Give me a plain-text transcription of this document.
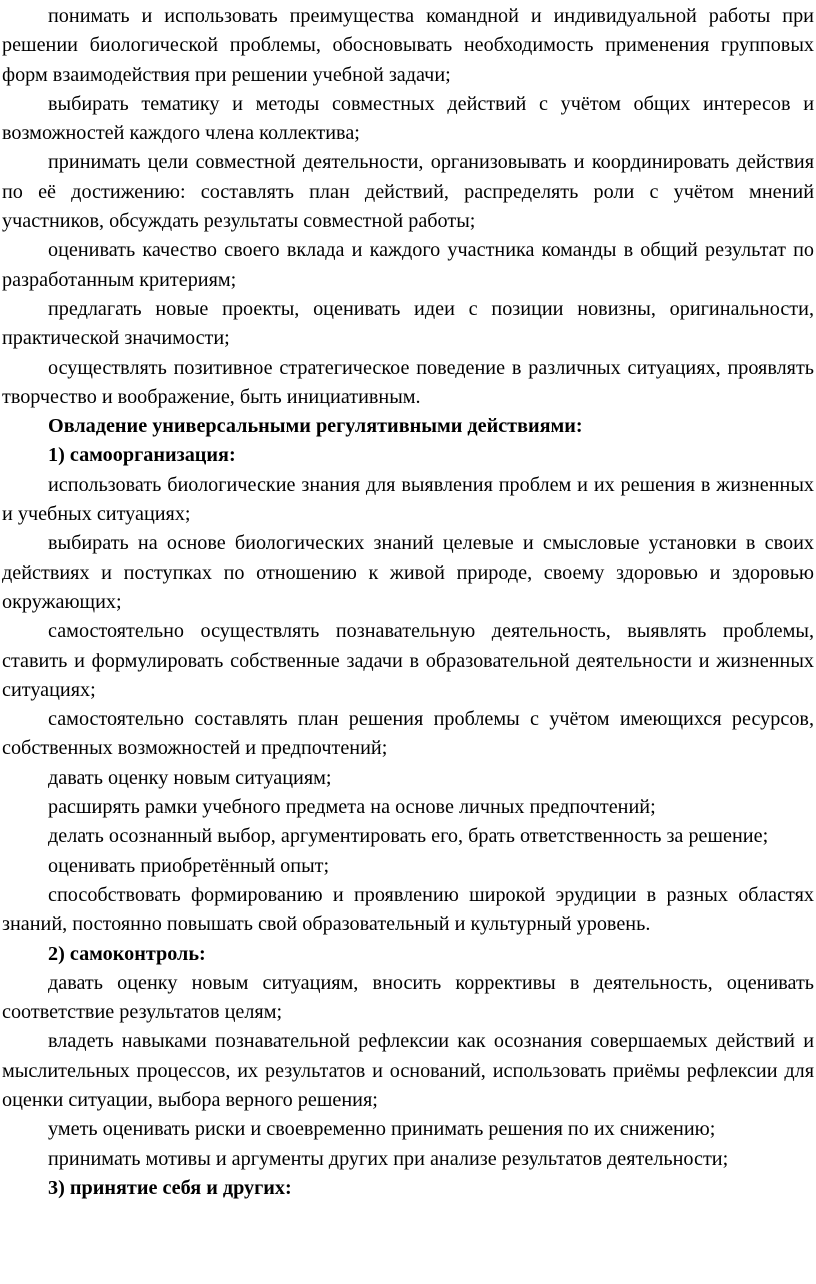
понимать и использовать преимущества командной и индивидуальной работы при решении биологической проблемы, обосновывать необходимость применения групповых форм взаимодействия при решении учебной задачи;

выбирать тематику и методы совместных действий с учётом общих интересов и возможностей каждого члена коллектива;

принимать цели совместной деятельности, организовывать и координировать действия по её достижению: составлять план действий, распределять роли с учётом мнений участников, обсуждать результаты совместной работы;

оценивать качество своего вклада и каждого участника команды в общий результат по разработанным критериям;

предлагать новые проекты, оценивать идеи с позиции новизны, оригинальности, практической значимости;

осуществлять позитивное стратегическое поведение в различных ситуациях, проявлять творчество и воображение, быть инициативным.

Овладение универсальными регулятивными действиями:

1) самоорганизация:

использовать биологические знания для выявления проблем и их решения в жизненных и учебных ситуациях;

выбирать на основе биологических знаний целевые и смысловые установки в своих действиях и поступках по отношению к живой природе, своему здоровью и здоровью окружающих;

самостоятельно осуществлять познавательную деятельность, выявлять проблемы, ставить и формулировать собственные задачи в образовательной деятельности и жизненных ситуациях;

самостоятельно составлять план решения проблемы с учётом имеющихся ресурсов, собственных возможностей и предпочтений;

давать оценку новым ситуациям;

расширять рамки учебного предмета на основе личных предпочтений;

делать осознанный выбор, аргументировать его, брать ответственность за решение;

оценивать приобретённый опыт;

способствовать формированию и проявлению широкой эрудиции в разных областях знаний, постоянно повышать свой образовательный и культурный уровень.

2) самоконтроль:

давать оценку новым ситуациям, вносить коррективы в деятельность, оценивать соответствие результатов целям;

владеть навыками познавательной рефлексии как осознания совершаемых действий и мыслительных процессов, их результатов и оснований, использовать приёмы рефлексии для оценки ситуации, выбора верного решения;

уметь оценивать риски и своевременно принимать решения по их снижению;

принимать мотивы и аргументы других при анализе результатов деятельности;

3) принятие себя и других:
